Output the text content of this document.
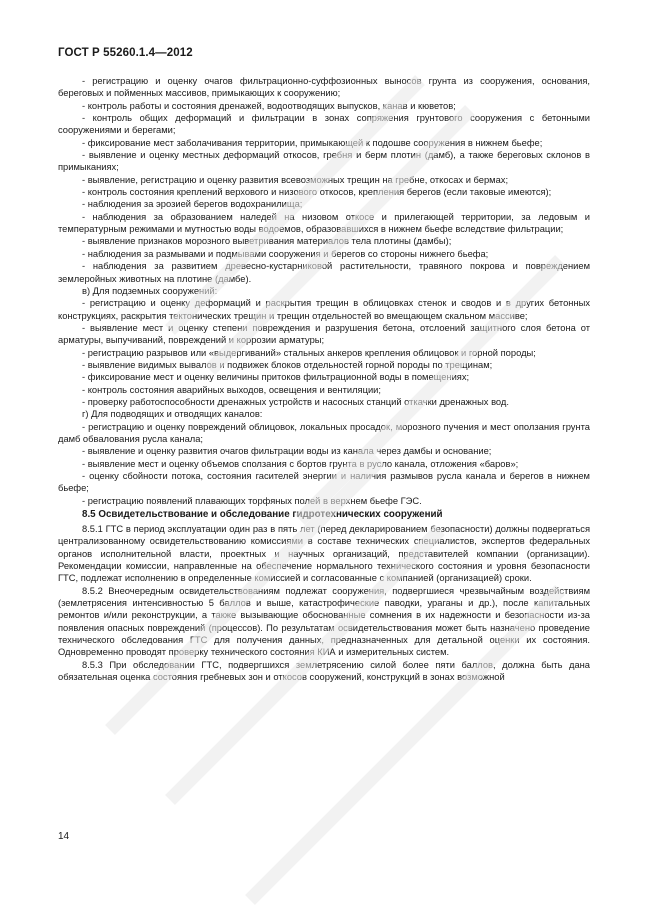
ГОСТ Р 55260.1.4—2012

- регистрацию и оценку очагов фильтрационно-суффозионных выносов грунта из сооружения, основания, береговых и пойменных массивов, примыкающих к сооружению;

- контроль работы и состояния дренажей, водоотводящих выпусков, канав и кюветов;

- контроль общих деформаций и фильтрации в зонах сопряжения грунтового сооружения с бетонными сооружениями и берегами;

- фиксирование мест заболачивания территории, примыкающей к подошве сооружения в нижнем бьефе;

- выявление и оценку местных деформаций откосов, гребня и берм плотин (дамб), а также береговых склонов в примыканиях;

- выявление, регистрацию и оценку развития всевозможных трещин на гребне, откосах и бермах;

- контроль состояния креплений верхового и низового откосов, крепления берегов (если таковые имеются);

- наблюдения за эрозией берегов водохранилища;

- наблюдения за образованием наледей на низовом откосе и прилегающей территории, за ледовым и температурным режимами и мутностью воды водоемов, образовавшихся в нижнем бьефе вследствие фильтрации;

- выявление признаков морозного выветривания материалов тела плотины (дамбы);

- наблюдения за размывами и подмывами сооружения и берегов со стороны нижнего бьефа;

- наблюдения за развитием древесно-кустарниковой растительности, травяного покрова и повреждением землеройных животных на плотине (дамбе).

в) Для подземных сооружений:

- регистрацию и оценку деформаций и раскрытия трещин в облицовках стенок и сводов и в других бетонных конструкциях, раскрытия тектонических трещин и трещин отдельностей во вмещающем скальном массиве;

- выявление мест и оценку степени повреждения и разрушения бетона, отслоений защитного слоя бетона от арматуры, выпучиваний, повреждений и коррозии арматуры;

- регистрацию разрывов или «выдергиваний» стальных анкеров крепления облицовок и горной породы;

- выявление видимых вывалов и подвижек блоков отдельностей горной породы по трещинам;

- фиксирование мест и оценку величины притоков фильтрационной воды в помещениях;

- контроль состояния аварийных выходов, освещения и вентиляции;

- проверку работоспособности дренажных устройств и насосных станций откачки дренажных вод.

г) Для подводящих и отводящих каналов:

- регистрацию и оценку повреждений облицовок, локальных просадок, морозного пучения и мест оползания грунта дамб обвалования русла канала;

- выявление и оценку развития очагов фильтрации воды из канала через дамбы и основание;

- выявление мест и оценку объемов сползания с бортов грунта в русло канала, отложения «баров»;

- оценку сбойности потока, состояния гасителей энергии и наличия размывов русла канала и берегов в нижнем бьефе;

- регистрацию появлений плавающих торфяных полей в верхнем бьефе ГЭС.

8.5 Освидетельствование и обследование гидротехнических сооружений

8.5.1 ГТС в период эксплуатации один раз в пять лет (перед декларированием безопасности) должны подвергаться централизованному освидетельствованию комиссиями в составе технических специалистов, экспертов федеральных органов исполнительной власти, проектных и научных организаций, представителей компании (организации). Рекомендации комиссии, направленные на обеспечение нормального технического состояния и уровня безопасности ГТС, подлежат исполнению в определенные комиссией и согласованные с компанией (организацией) сроки.

8.5.2 Внеочередным освидетельствованиям подлежат сооружения, подвергшиеся чрезвычайным воздействиям (землетрясения интенсивностью 5 баллов и выше, катастрофические паводки, ураганы и др.), после капитальных ремонтов и/или реконструкции, а также вызывающие обоснованные сомнения в их надежности и безопасности из-за появления опасных повреждений (процессов). По результатам освидетельствования может быть назначено проведение технического обследования ГТС для получения данных, предназначенных для детальной оценки их состояния. Одновременно проводят проверку технического состояния КИА и измерительных систем.

8.5.3 При обследовании ГТС, подвергшихся землетрясению силой более пяти баллов, должна быть дана обязательная оценка состояния гребневых зон и откосов сооружений, конструкций в зонах возможной

14
